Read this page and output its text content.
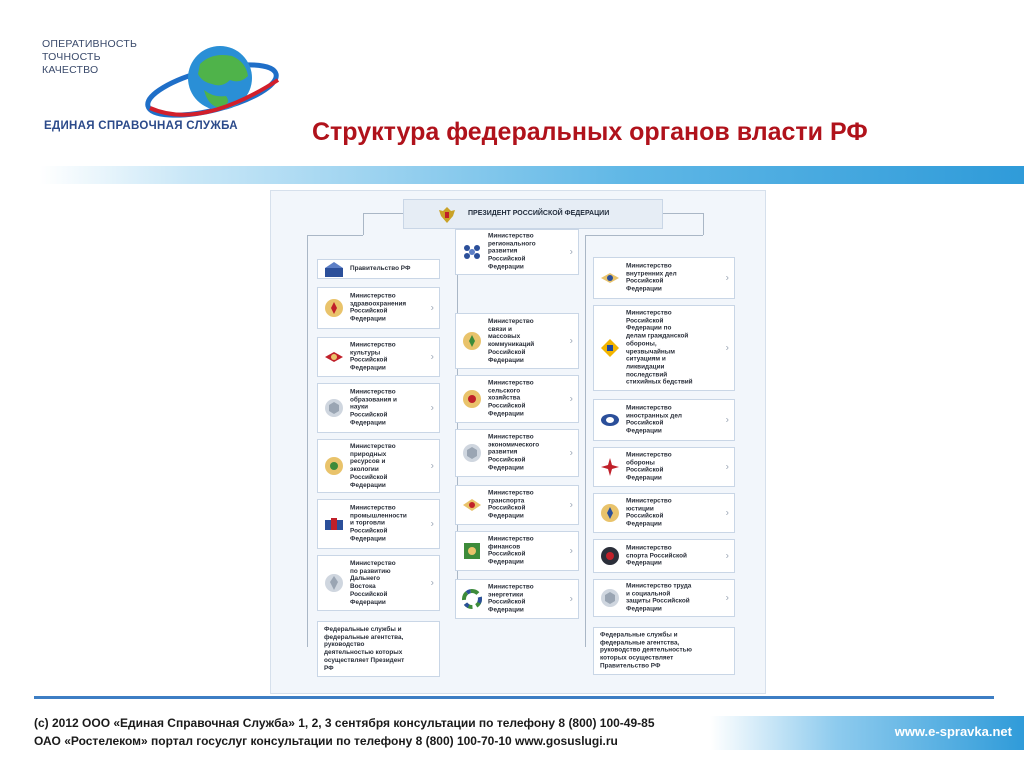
ОПЕРАТИВНОСТЬ
ТОЧНОСТЬ
КАЧЕСТВО
ЕДИНАЯ СПРАВОЧНАЯ СЛУЖБА	Структура федеральных органов власти РФ
ПРЕЗИДЕНТ РОССИЙСКОЙ ФЕДЕРАЦИИ
Правительство РФ
Министерство
здравоохранения
Российской
Федерации
›
Министерство
культуры
Российской
Федерации
›
Министерство
образования и
науки
Российской
Федерации
›
Министерство
природных
ресурсов и
экологии
Российской
Федерации
›
Министерство
промышленности
и торговли
Российской
Федерации
›
Министерство
по развитию
Дальнего
Востока
Российской
Федерации
›
Федеральные службы и
федеральные агентства,
руководство
деятельностью которых
осуществляет Президент
РФ
Министерство
регионального
развития
Российской
Федерации
›
Министерство
связи и
массовых
коммуникаций
Российской
Федерации
›
Министерство
сельского
хозяйства
Российской
Федерации
›
Министерство
экономического
развития
Российской
Федерации
›
Министерство
транспорта
Российской
Федерации
›
Министерство
финансов
Российской
Федерации
›
Министерство
энергетики
Российской
Федерации
›
Министерство
внутренних дел
Российской
Федерации
›
Министерство
Российской
Федерации по
делам гражданской
обороны,
чрезвычайным
ситуациям и
ликвидации
последствий
стихийных бедствий
›
Министерство
иностранных дел
Российской
Федерации
›
Министерство
обороны
Российской
Федерации
›
Министерство
юстиции
Российской
Федерации
›
Министерство
спорта Российской
Федерации
›
Министерство труда
и социальной
защиты Российской
Федерации
›
Федеральные службы и
федеральные агентства,
руководство деятельностью
которых осуществляет
Правительство РФ
(с) 2012 ООО «Единая Справочная Служба» 1, 2, 3 сентября консультации по телефону 8 (800) 100-49-85
ОАО «Ростелеком» портал госуслуг консультации по телефону 8 (800) 100-70-10 www.gosuslugi.ru
www.e-spravka.net
